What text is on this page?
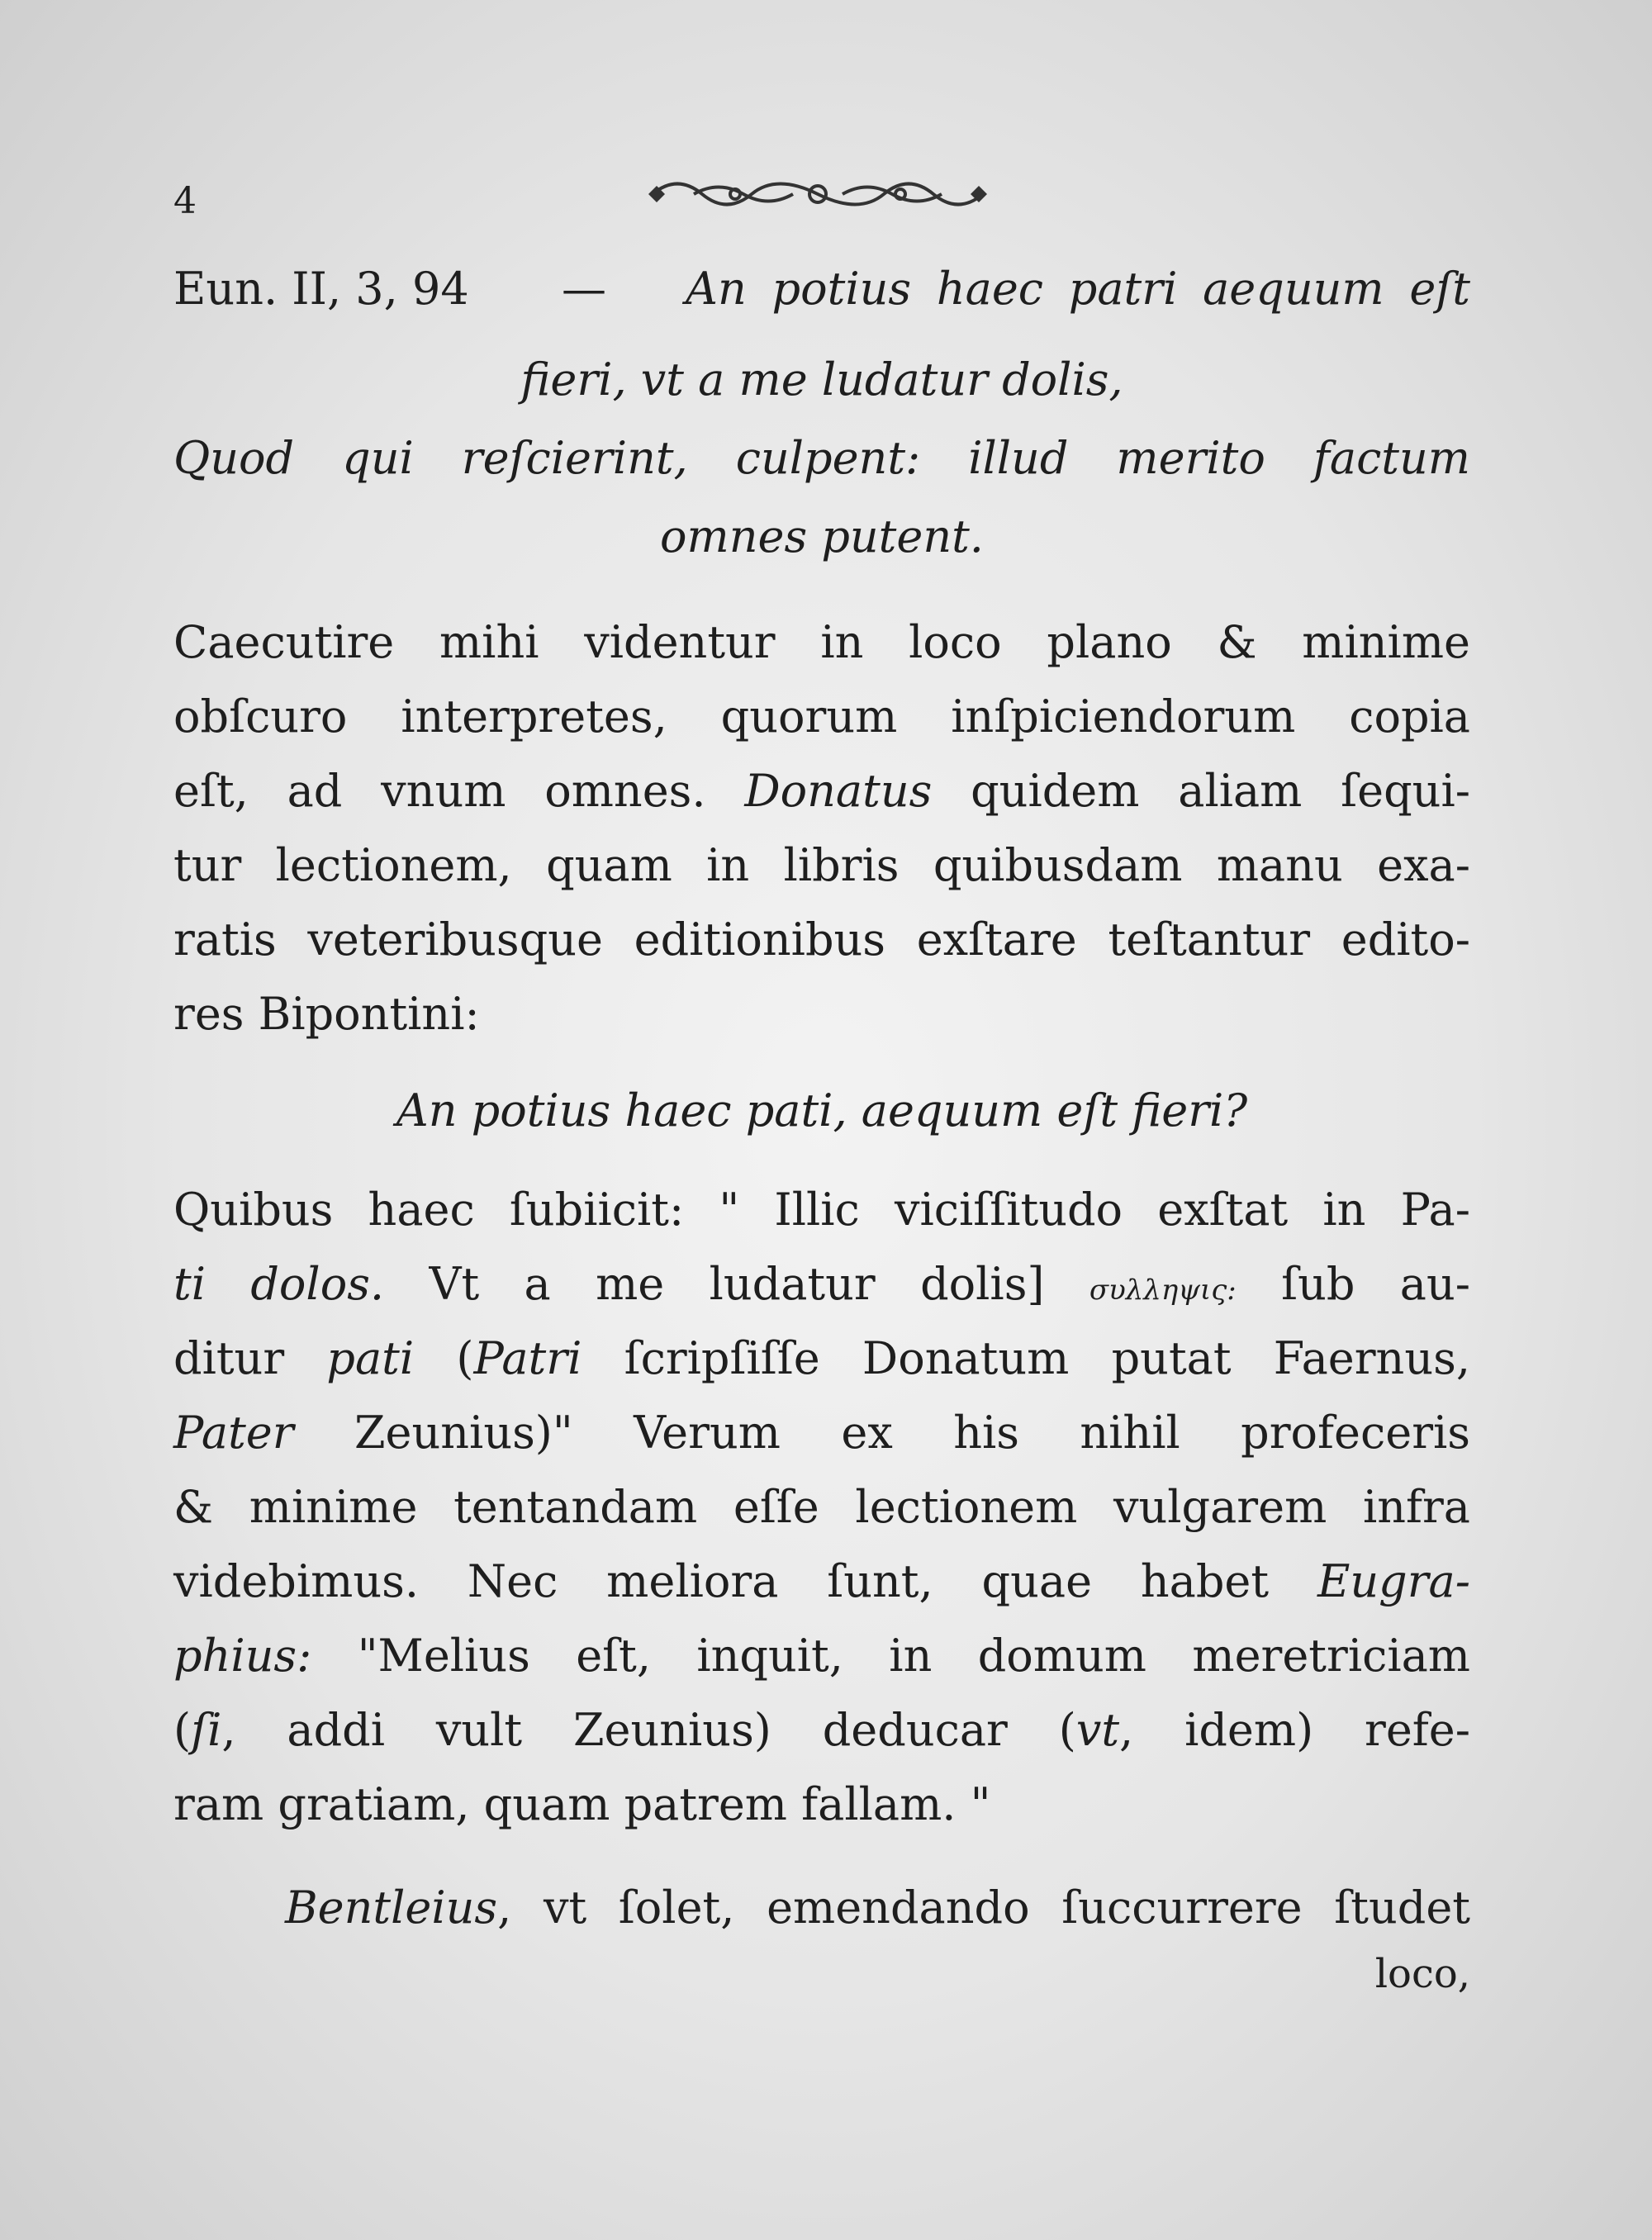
4
Eun. II, 3, 94 — An potius haec patri aequum eſt
fieri, vt a me ludatur dolis,
Quod qui reſcierint, culpent: illud merito factum
omnes putent.
Caecutire mihi videntur in loco plano & minime
obſcuro interpretes, quorum inſpiciendorum copia
eſt, ad vnum omnes. Donatus quidem aliam ſequi-
tur lectionem, quam in libris quibusdam manu exa-
ratis veteribusque editionibus exſtare teſtantur edito-
res Bipontini:
An potius haec pati, aequum eſt fieri?
Quibus haec ſubiicit: " Illic viciſſitudo exſtat in Pa-
ti dolos. Vt a me ludatur dolis] συλληψις: ſub au-
ditur pati (Patri ſcripſiſſe Donatum putat Faernus,
Pater Zeunius)" Verum ex his nihil profeceris
& minime tentandam eſſe lectionem vulgarem infra
videbimus. Nec meliora ſunt, quae habet Eugra-
phius: "Melius eſt, inquit, in domum meretriciam
(ſi, addi vult Zeunius) deducar (vt, idem) refe-
ram gratiam, quam patrem fallam. "
Bentleius, vt ſolet, emendando ſuccurrere ſtudet
loco,
